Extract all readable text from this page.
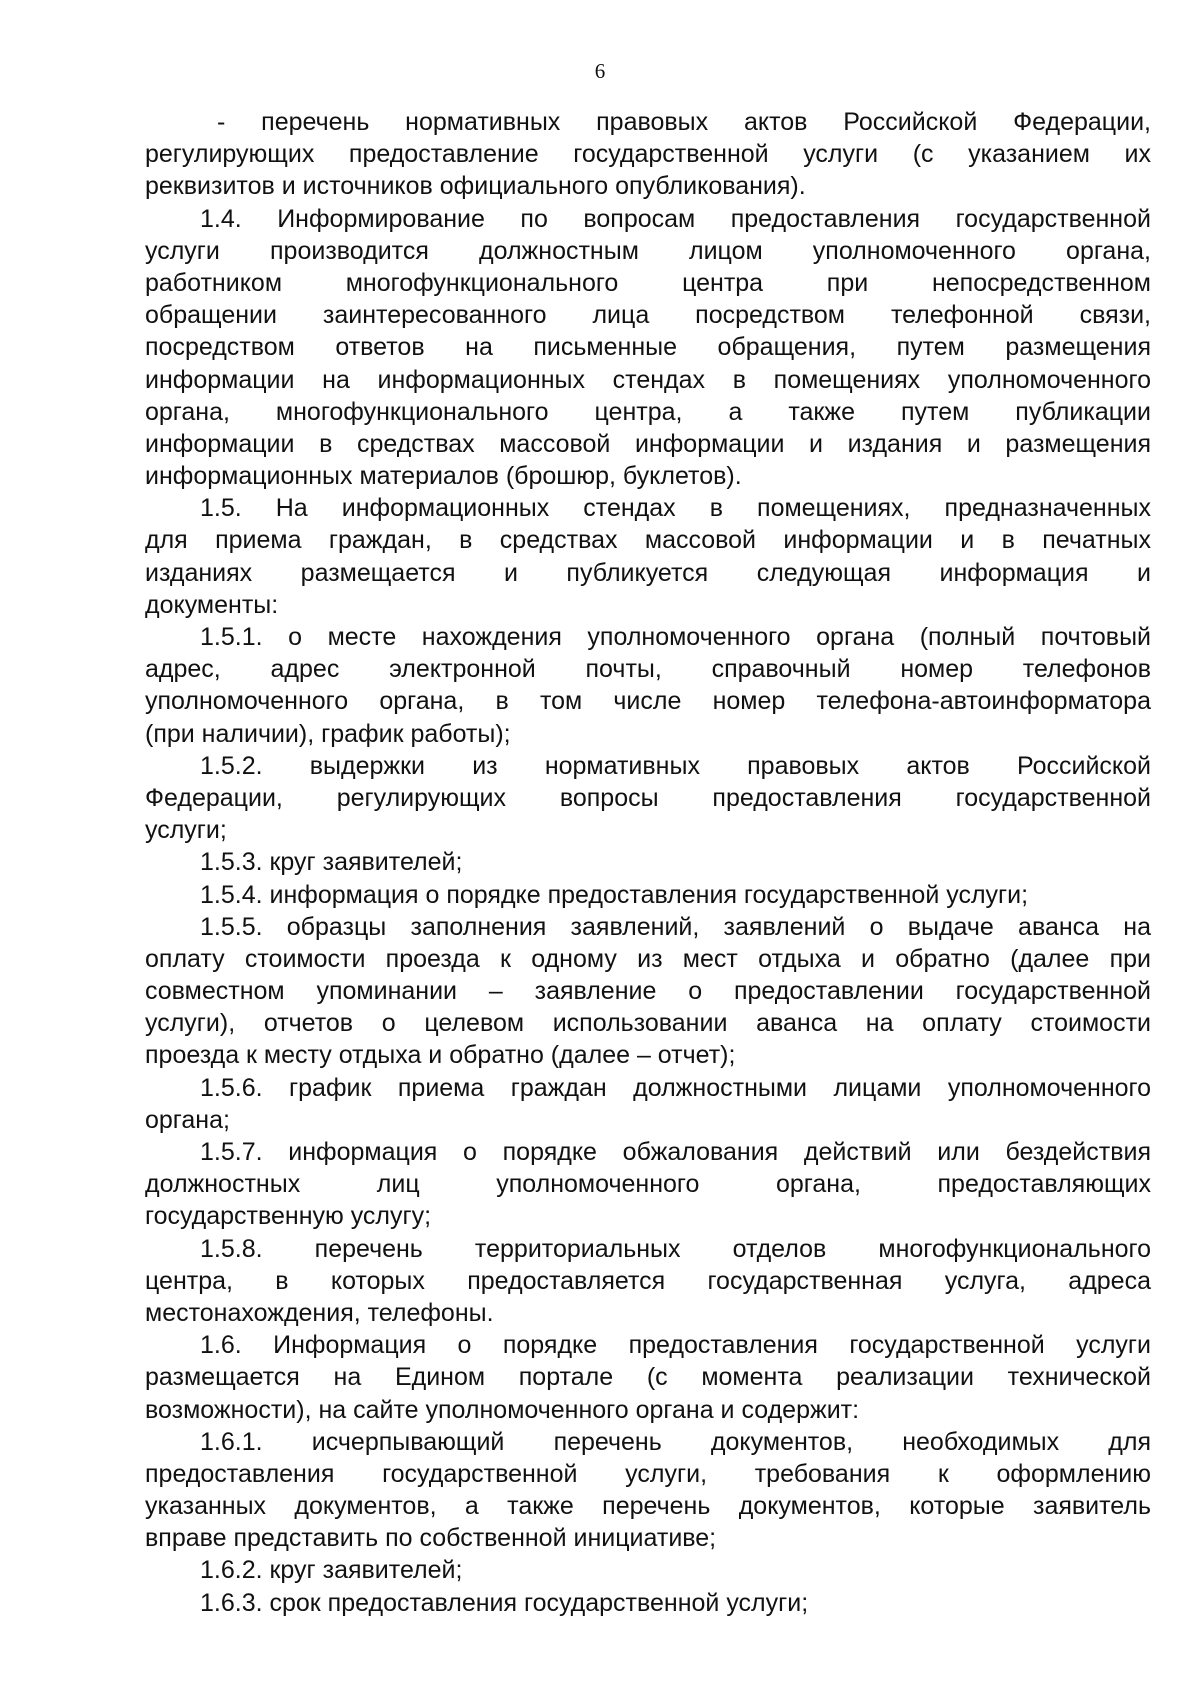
6
- перечень нормативных правовых актов Российской Федерации,
регулирующих предоставление государственной услуги (с указанием их
реквизитов и источников официального опубликования).
1.4. Информирование по вопросам предоставления государственной
услуги производится должностным лицом уполномоченного органа,
работником многофункционального центра при непосредственном
обращении заинтересованного лица посредством телефонной связи,
посредством ответов на письменные обращения, путем размещения
информации на информационных стендах в помещениях уполномоченного
органа, многофункционального центра, а также путем публикации
информации в средствах массовой информации и издания и размещения
информационных материалов (брошюр, буклетов).
1.5. На информационных стендах в помещениях, предназначенных
для приема граждан, в средствах массовой информации и в печатных
изданиях размещается и публикуется следующая информация и
документы:
1.5.1. о месте нахождения уполномоченного органа (полный почтовый
адрес, адрес электронной почты, справочный номер телефонов
уполномоченного органа, в том числе номер телефона-автоинформатора
(при наличии), график работы);
1.5.2. выдержки из нормативных правовых актов Российской
Федерации, регулирующих вопросы предоставления государственной
услуги;
1.5.3. круг заявителей;
1.5.4. информация о порядке предоставления государственной услуги;
1.5.5. образцы заполнения заявлений, заявлений о выдаче аванса на
оплату стоимости проезда к одному из мест отдыха и обратно (далее при
совместном упоминании – заявление о предоставлении государственной
услуги), отчетов о целевом использовании аванса на оплату стоимости
проезда к месту отдыха и обратно (далее – отчет);
1.5.6. график приема граждан должностными лицами уполномоченного
органа;
1.5.7. информация о порядке обжалования действий или бездействия
должностных лиц уполномоченного органа, предоставляющих
государственную услугу;
1.5.8. перечень территориальных отделов многофункционального
центра, в которых предоставляется государственная услуга, адреса
местонахождения, телефоны.
1.6. Информация о порядке предоставления государственной услуги
размещается на Едином портале (с момента реализации технической
возможности), на сайте уполномоченного органа и содержит:
1.6.1. исчерпывающий перечень документов, необходимых для
предоставления государственной услуги, требования к оформлению
указанных документов, а также перечень документов, которые заявитель
вправе представить по собственной инициативе;
1.6.2. круг заявителей;
1.6.3. срок предоставления государственной услуги;
